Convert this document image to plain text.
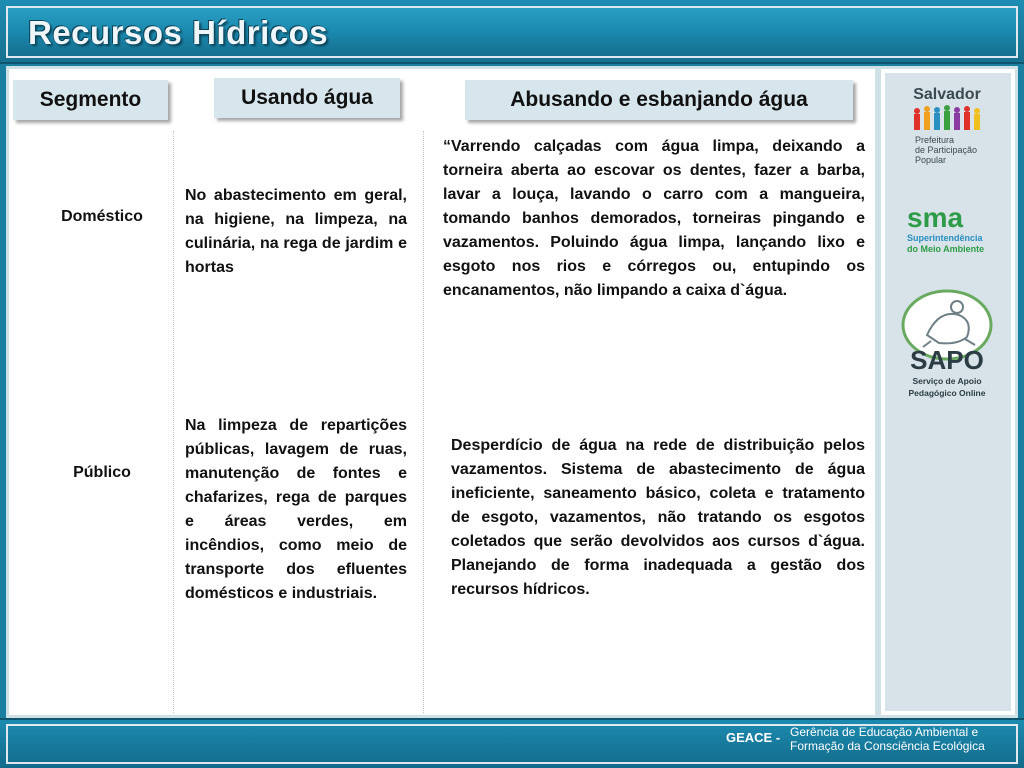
Recursos Hídricos
Segmento	Usando água	Abusando e esbanjando água
Doméstico
No abastecimento em geral, na higiene, na limpeza, na culinária, na rega de jardim e hortas
“Varrendo calçadas com água limpa, deixando a torneira aberta ao escovar os dentes, fazer a barba, lavar a louça, lavando o carro com a mangueira, tomando banhos demorados, torneiras pingando e vazamentos. Poluindo água limpa, lançando lixo e esgoto nos rios e córregos ou, entupindo os encanamentos, não limpando a caixa d`água.
Público
Na limpeza de repartições públicas, lavagem de ruas, manutenção de fontes e chafarizes, rega de parques e áreas verdes, em incêndios, como meio de transporte dos efluentes domésticos e industriais.
Desperdício de água na rede de distribuição pelos vazamentos. Sistema de abastecimento de água ineficiente, saneamento básico, coleta e tratamento de esgoto, vazamentos, não tratando os esgotos coletados que serão devolvidos aos cursos d`água. Planejando de forma inadequada a gestão dos recursos hídricos.
Salvador
Prefeitura
de Participação
Popular
sma
Superintendência
do Meio Ambiente
SAPO
Serviço de Apoio
Pedagógico Online
GEACE - Gerência de Educação Ambiental e
Formação da Consciência Ecológica
